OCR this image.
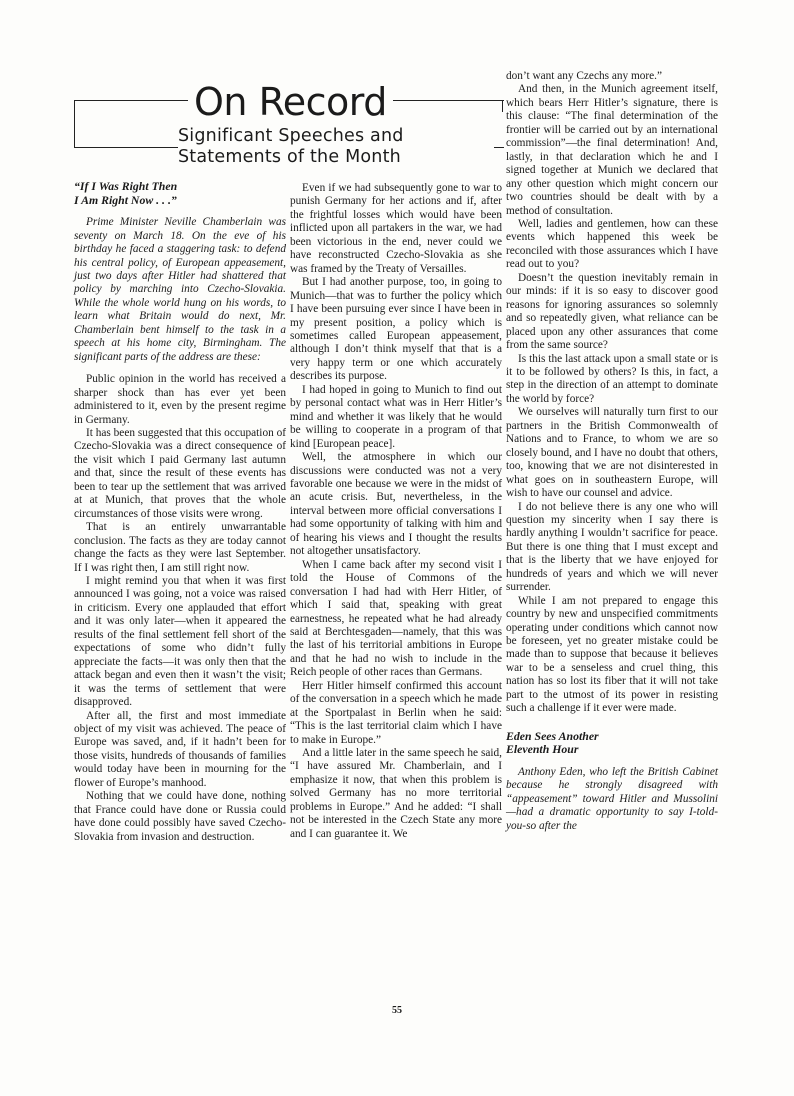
On Record
Significant Speeches and
Statements of the Month
“If I Was Right Then
I Am Right Now . . .”

Prime Minister Neville Chamberlain was seventy on March 18. On the eve of his birthday he faced a staggering task: to defend his central policy, of European appeasement, just two days after Hitler had shattered that policy by marching into Czecho-Slovakia. While the whole world hung on his words, to learn what Britain would do next, Mr. Chamberlain bent himself to the task in a speech at his home city, Birmingham. The significant parts of the address are these:

Public opinion in the world has received a sharper shock than has ever yet been administered to it, even by the present regime in Germany.

It has been suggested that this occupation of Czecho-Slovakia was a direct consequence of the visit which I paid Germany last autumn and that, since the result of these events has been to tear up the settlement that was arrived at at Munich, that proves that the whole circumstances of those visits were wrong.

That is an entirely unwarrantable conclusion. The facts as they are today cannot change the facts as they were last September. If I was right then, I am still right now.

I might remind you that when it was first announced I was going, not a voice was raised in criticism. Every one applauded that effort and it was only later—when it appeared the results of the final settlement fell short of the expectations of some who didn’t fully appreciate the facts—it was only then that the attack began and even then it wasn’t the visit; it was the terms of settlement that were disapproved.

After all, the first and most immediate object of my visit was achieved. The peace of Europe was saved, and, if it hadn’t been for those visits, hundreds of thousands of families would today have been in mourning for the flower of Europe’s manhood.

Nothing that we could have done, nothing that France could have done or Russia could have done could possibly have saved Czecho-Slovakia from invasion and destruction.

Even if we had subsequently gone to war to punish Germany for her actions and if, after the frightful losses which would have been inflicted upon all partakers in the war, we had been victorious in the end, never could we have reconstructed Czecho-Slovakia as she was framed by the Treaty of Versailles.

But I had another purpose, too, in going to Munich—that was to further the policy which I have been pursuing ever since I have been in my present position, a policy which is sometimes called European appeasement, although I don’t think myself that that is a very happy term or one which accurately describes its purpose.

I had hoped in going to Munich to find out by personal contact what was in Herr Hitler’s mind and whether it was likely that he would be willing to cooperate in a program of that kind [European peace].

Well, the atmosphere in which our discussions were conducted was not a very favorable one because we were in the midst of an acute crisis. But, nevertheless, in the interval between more official conversations I had some opportunity of talking with him and of hearing his views and I thought the results not altogether unsatisfactory.

When I came back after my second visit I told the House of Commons of the conversation I had had with Herr Hitler, of which I said that, speaking with great earnestness, he repeated what he had already said at Berchtesgaden—namely, that this was the last of his territorial ambitions in Europe and that he had no wish to include in the Reich people of other races than Germans.

Herr Hitler himself confirmed this account of the conversation in a speech which he made at the Sportpalast in Berlin when he said: “This is the last territorial claim which I have to make in Europe.”

And a little later in the same speech he said, “I have assured Mr. Chamberlain, and I emphasize it now, that when this problem is solved Germany has no more territorial problems in Europe.” And he added: “I shall not be interested in the Czech State any more and I can guarantee it. We

don’t want any Czechs any more.”

And then, in the Munich agreement itself, which bears Herr Hitler’s signature, there is this clause: “The final determination of the frontier will be carried out by an international commission”—the final determination! And, lastly, in that declaration which he and I signed together at Munich we declared that any other question which might concern our two countries should be dealt with by a method of consultation.

Well, ladies and gentlemen, how can these events which happened this week be reconciled with those assurances which I have read out to you?

Doesn’t the question inevitably remain in our minds: if it is so easy to discover good reasons for ignoring assurances so solemnly and so repeatedly given, what reliance can be placed upon any other assurances that come from the same source?

Is this the last attack upon a small state or is it to be followed by others? Is this, in fact, a step in the direction of an attempt to dominate the world by force?

We ourselves will naturally turn first to our partners in the British Commonwealth of Nations and to France, to whom we are so closely bound, and I have no doubt that others, too, knowing that we are not disinterested in what goes on in southeastern Europe, will wish to have our counsel and advice.

I do not believe there is any one who will question my sincerity when I say there is hardly anything I wouldn’t sacrifice for peace. But there is one thing that I must except and that is the liberty that we have enjoyed for hundreds of years and which we will never surrender.

While I am not prepared to engage this country by new and unspecified commitments operating under conditions which cannot now be foreseen, yet no greater mistake could be made than to suppose that because it believes war to be a senseless and cruel thing, this nation has so lost its fiber that it will not take part to the utmost of its power in resisting such a challenge if it ever were made.

Eden Sees Another
Eleventh Hour

Anthony Eden, who left the British Cabinet because he strongly disagreed with “appeasement” toward Hitler and Mussolini—had a dramatic opportunity to say I-told-you-so after the

55
